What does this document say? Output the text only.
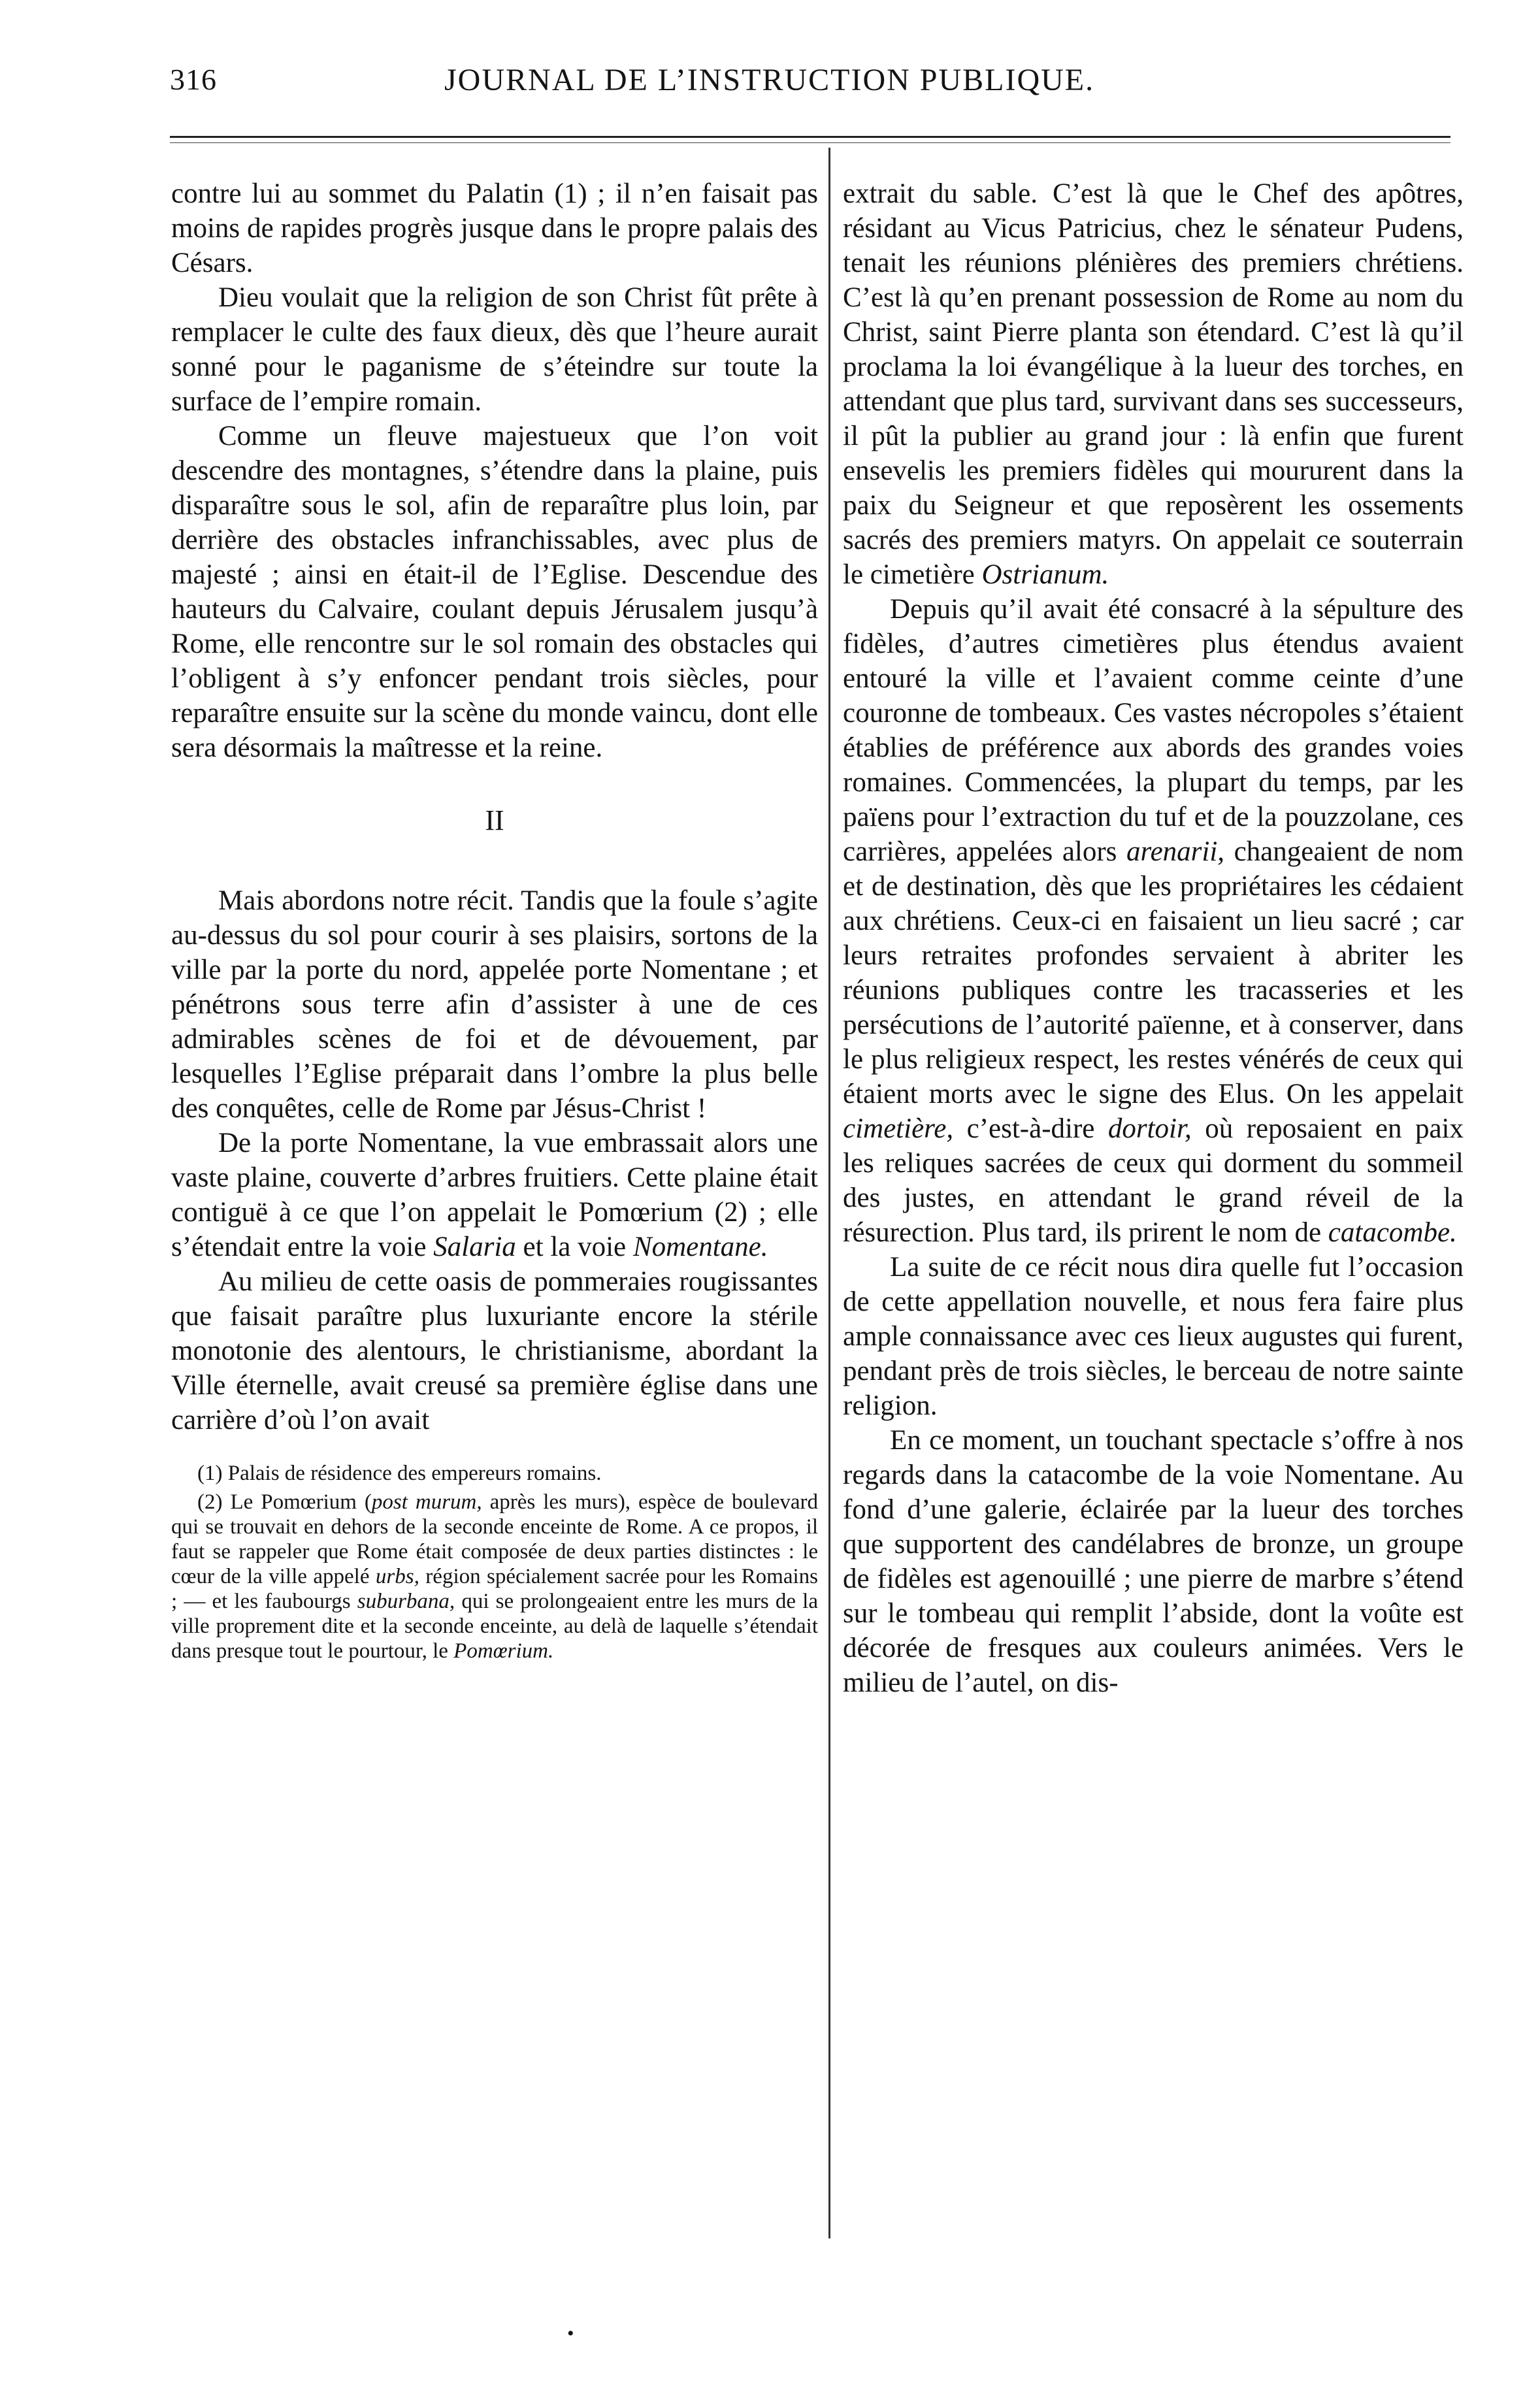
316	JOURNAL DE L’INSTRUCTION PUBLIQUE.

contre lui au sommet du Palatin (1) ; il n’en faisait pas moins de rapides progrès jusque dans le propre palais des Césars.

Dieu voulait que la religion de son Christ fût prête à remplacer le culte des faux dieux, dès que l’heure aurait sonné pour le paganisme de s’éteindre sur toute la surface de l’empire romain.

Comme un fleuve majestueux que l’on voit descendre des montagnes, s’étendre dans la plaine, puis disparaître sous le sol, afin de reparaître plus loin, par derrière des obstacles infranchissables, avec plus de majesté ; ainsi en était-il de l’Eglise. Descendue des hauteurs du Calvaire, coulant depuis Jérusalem jusqu’à Rome, elle rencontre sur le sol romain des obstacles qui l’obligent à s’y enfoncer pendant trois siècles, pour reparaître ensuite sur la scène du monde vaincu, dont elle sera désormais la maîtresse et la reine.

II

Mais abordons notre récit. Tandis que la foule s’agite au-dessus du sol pour courir à ses plaisirs, sortons de la ville par la porte du nord, appelée porte Nomentane ; et pénétrons sous terre afin d’assister à une de ces admirables scènes de foi et de dévouement, par lesquelles l’Eglise préparait dans l’ombre la plus belle des conquêtes, celle de Rome par Jésus-Christ !

De la porte Nomentane, la vue embrassait alors une vaste plaine, couverte d’arbres fruitiers. Cette plaine était contiguë à ce que l’on appelait le Pomœrium (2) ; elle s’étendait entre la voie Salaria et la voie Nomentane.

Au milieu de cette oasis de pommeraies rougissantes que faisait paraître plus luxuriante encore la stérile monotonie des alentours, le christianisme, abordant la Ville éternelle, avait creusé sa première église dans une carrière d’où l’on avait

(1) Palais de résidence des empereurs romains.

(2) Le Pomœrium (post murum, après les murs), espèce de boulevard qui se trouvait en dehors de la seconde enceinte de Rome. A ce propos, il faut se rappeler que Rome était composée de deux parties distinctes : le cœur de la ville appelé urbs, région spécialement sacrée pour les Romains ; — et les faubourgs suburbana, qui se prolongeaient entre les murs de la ville proprement dite et la seconde enceinte, au delà de laquelle s’étendait dans presque tout le pourtour, le Pomœrium.

extrait du sable. C’est là que le Chef des apôtres, résidant au Vicus Patricius, chez le sénateur Pudens, tenait les réunions plénières des premiers chrétiens. C’est là qu’en prenant possession de Rome au nom du Christ, saint Pierre planta son étendard. C’est là qu’il proclama la loi évangélique à la lueur des torches, en attendant que plus tard, survivant dans ses successeurs, il pût la publier au grand jour : là enfin que furent ensevelis les premiers fidèles qui moururent dans la paix du Seigneur et que reposèrent les ossements sacrés des premiers matyrs. On appelait ce souterrain le cimetière Ostrianum.

Depuis qu’il avait été consacré à la sépulture des fidèles, d’autres cimetières plus étendus avaient entouré la ville et l’avaient comme ceinte d’une couronne de tombeaux. Ces vastes nécropoles s’étaient établies de préférence aux abords des grandes voies romaines. Commencées, la plupart du temps, par les païens pour l’extraction du tuf et de la pouzzolane, ces carrières, appelées alors arenarii, changeaient de nom et de destination, dès que les propriétaires les cédaient aux chrétiens. Ceux-ci en faisaient un lieu sacré ; car leurs retraites profondes servaient à abriter les réunions publiques contre les tracasseries et les persécutions de l’autorité païenne, et à conserver, dans le plus religieux respect, les restes vénérés de ceux qui étaient morts avec le signe des Elus. On les appelait cimetière, c’est-à-dire dortoir, où reposaient en paix les reliques sacrées de ceux qui dorment du sommeil des justes, en attendant le grand réveil de la résurection. Plus tard, ils prirent le nom de catacombe.

La suite de ce récit nous dira quelle fut l’occasion de cette appellation nouvelle, et nous fera faire plus ample connaissance avec ces lieux augustes qui furent, pendant près de trois siècles, le berceau de notre sainte religion.

En ce moment, un touchant spectacle s’offre à nos regards dans la catacombe de la voie Nomentane. Au fond d’une galerie, éclairée par la lueur des torches que supportent des candélabres de bronze, un groupe de fidèles est agenouillé ; une pierre de marbre s’étend sur le tombeau qui remplit l’abside, dont la voûte est décorée de fresques aux couleurs animées. Vers le milieu de l’autel, on dis-

•
